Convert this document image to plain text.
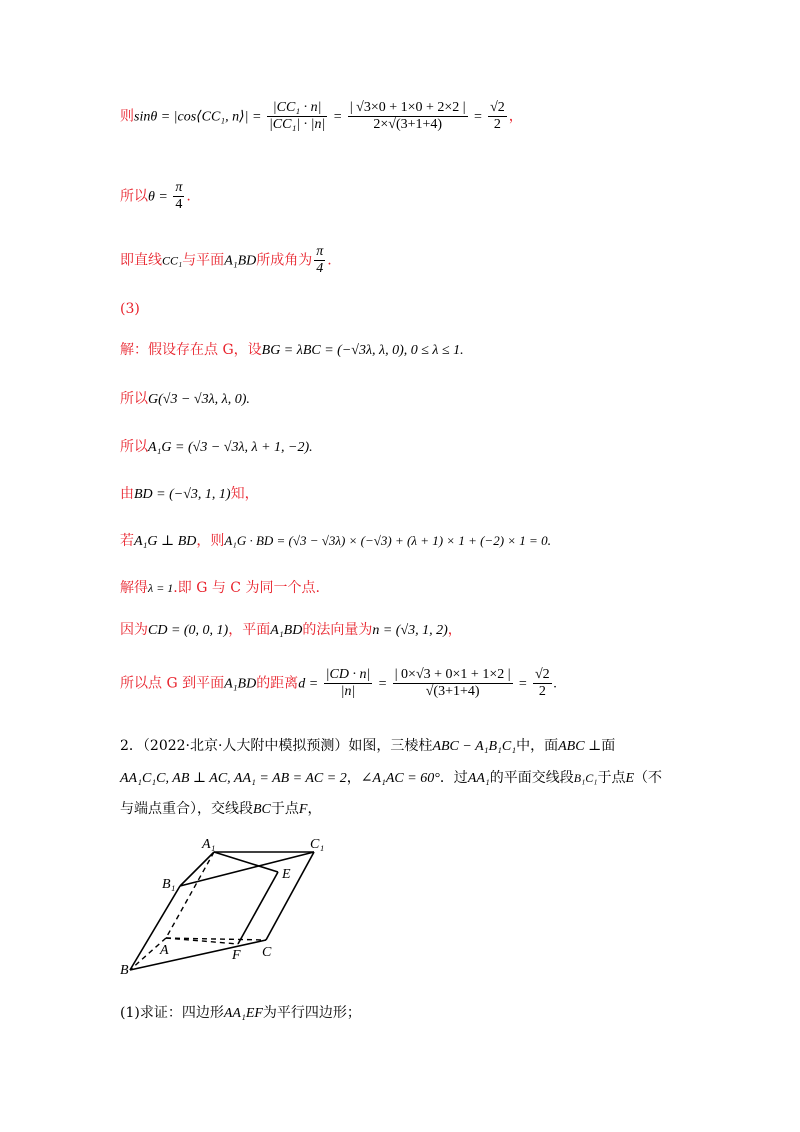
则sinθ = |cos⟨CC₁, n⟩| = $\frac{\text{|CC₁ · n|}}{\text{|CC₁| · |n|}} = \frac{| √3\times 0 + 1\times 0 + 2\times 2 |}{2\times√(3+1+4)} = \frac{√2}{2}$ ，
所以$\theta = \frac{\pi}{4}$ .
即直线CC₁与平面A₁BD所成角为 $\frac{\pi}{4}$ .
(3)
解：假设存在点 G，设BG = λBC = (−√3λ, λ, 0), 0 ≤ λ ≤ 1.
所以G(√3 − √3λ, λ, 0).
所以A₁G = (√3 − √3λ, λ + 1, −2).
由BD = (−√3, 1, 1)知，
若A₁G ⊥ BD，则A₁G · BD = (√3 − √3λ) × (−√3) + (λ + 1) × 1 + (−2) × 1 = 0.
解得λ = 1.即 G 与 C 为同一个点.
因为CD = (0, 0, 1)，平面A₁BD的法向量为n = (√3, 1, 2)，
所以点 G 到平面A₁BD的距离$d = \frac{|CD \cdot n|}{|n|} = \frac{| 0\times√3 + 0\times 1 + 1\times 2 |}{√(3+1+4)} = \frac{√2}{2}$ .
2．（2022·北京·人大附中模拟预测）如图，三棱柱ABC − A₁B₁C₁中，面ABC ⊥面
AA₁C₁C, AB ⊥ AC, AA₁ = AB = AC = 2，∠A₁AC = 60°．过AA₁的平面交线段B₁C₁于点E（不
与端点重合），交线段BC于点F，
A₁	C₁
B₁
E
A	F C
B
(1)求证：四边形AA₁EF为平行四边形；
